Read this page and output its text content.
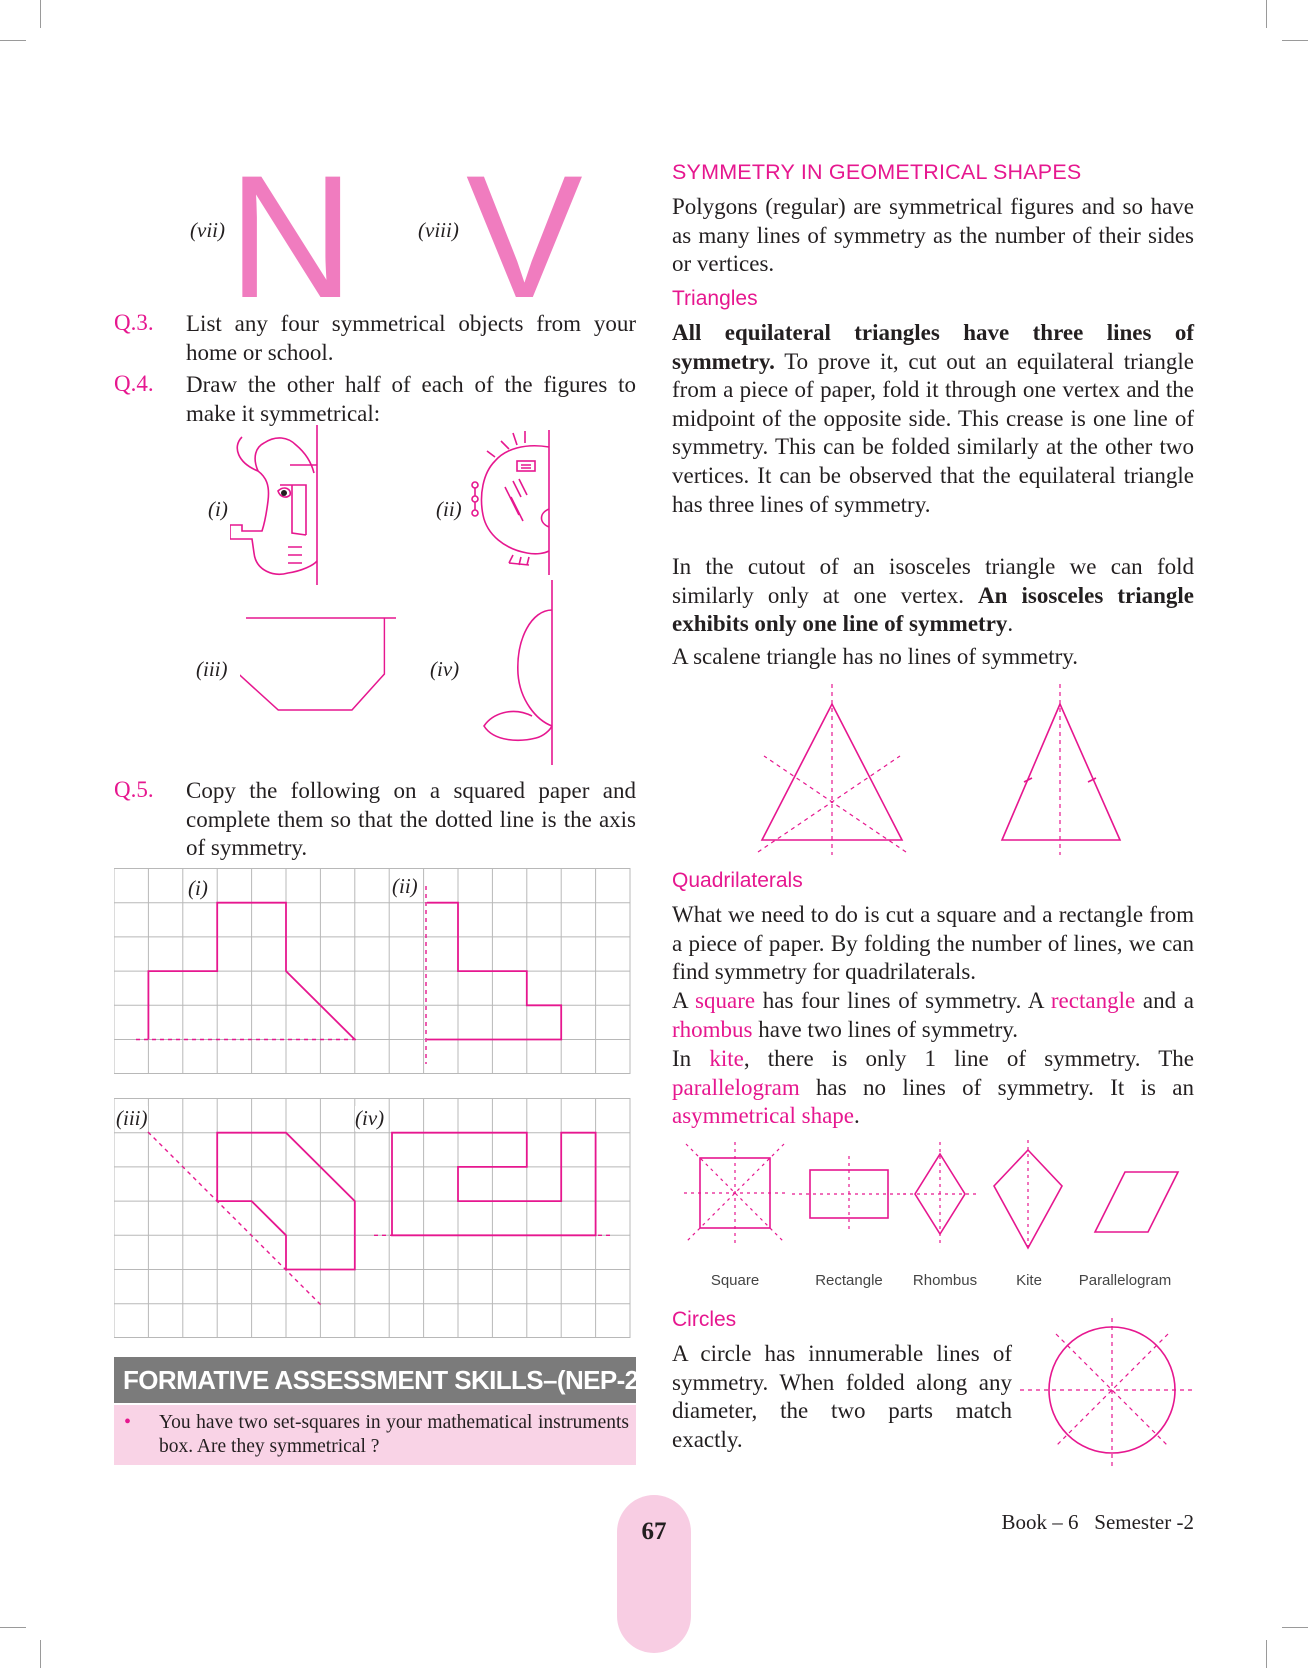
(vii) N	(viii) V
Q.3. List any four symmetrical objects from your home or school.
Q.4. Draw the other half of each of the figures to make it symmetrical:
(i)	(ii)
(iii)	(iv)
Q.5. Copy the following on a squared paper and complete them so that the dotted line is the axis of symmetry.
(i)	(ii)
(iii)	(iv)
FORMATIVE ASSESSMENT SKILLS–(NEP-2020)
• You have two set-squares in your mathematical instruments box. Are they symmetrical ?
SYMMETRY IN GEOMETRICAL SHAPES

Polygons (regular) are symmetrical figures and so have as many lines of symmetry as the number of their sides or vertices.

Triangles

All equilateral triangles have three lines of symmetry. To prove it, cut out an equilateral triangle from a piece of paper, fold it through one vertex and the midpoint of the opposite side. This crease is one line of symmetry. This can be folded similarly at the other two vertices. It can be observed that the equilateral triangle has three lines of symmetry.

In the cutout of an isosceles triangle we can fold similarly only at one vertex. An isosceles triangle exhibits only one line of symmetry.

A scalene triangle has no lines of symmetry.

Quadrilaterals

What we need to do is cut a square and a rectangle from a piece of paper. By folding the number of lines, we can find symmetry for quadrilaterals.

A square has four lines of symmetry. A rectangle and a rhombus have two lines of symmetry.

In kite, there is only 1 line of symmetry. The parallelogram has no lines of symmetry. It is an asymmetrical shape.

Square	Rectangle	Rhombus	Kite	Parallelogram
Circles

A circle has innumerable lines of symmetry. When folded along any diameter, the two parts match exactly.

67	Book – 6   Semester -2
